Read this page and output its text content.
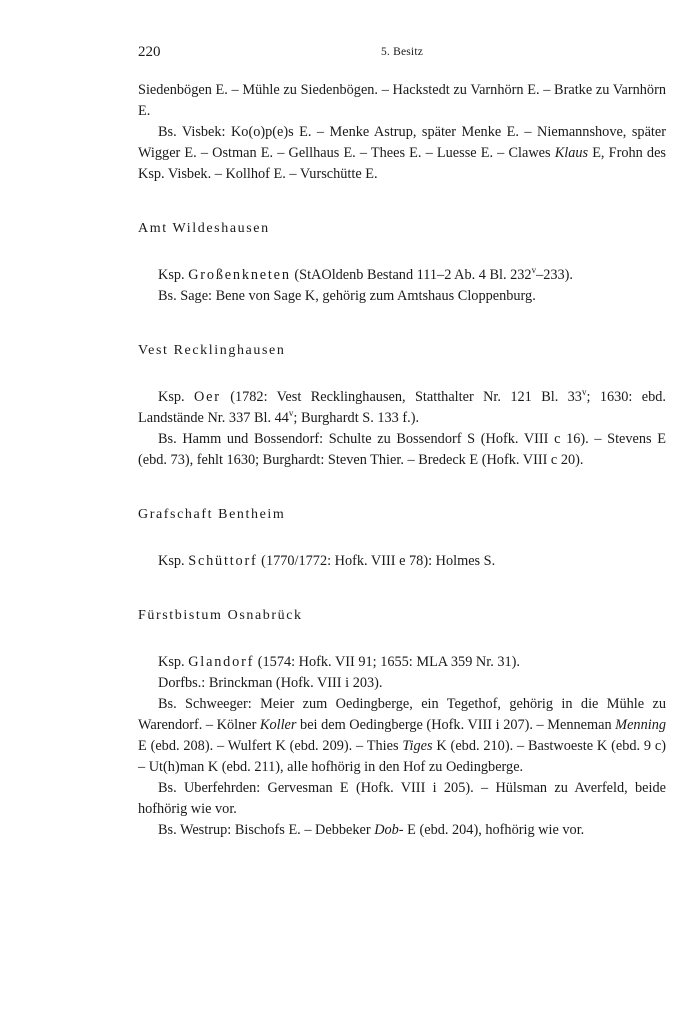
220	5. Besitz

Siedenbögen E. – Mühle zu Siedenbögen. – Hackstedt zu Varnhörn E. – Bratke zu Varnhörn E.

Bs. Visbek: Ko(o)p(e)s E. – Menke Astrup, später Menke E. – Niemannshove, später Wigger E. – Ostman E. – Gellhaus E. – Thees E. – Luesse E. – Clawes Klaus E, Frohn des Ksp. Visbek. – Kollhof E. – Vurschütte E.

Amt Wildeshausen

Ksp. Großenkneten (StAOldenb Bestand 111–2 Ab. 4 Bl. 232$^v$–233).

Bs. Sage: Bene von Sage K, gehörig zum Amtshaus Cloppenburg.

Vest Recklinghausen

Ksp. Oer (1782: Vest Recklinghausen, Statthalter Nr. 121 Bl. 33$^v$; 1630: ebd. Landstände Nr. 337 Bl. 44$^v$; Burghardt S. 133 f.).

Bs. Hamm und Bossendorf: Schulte zu Bossendorf S (Hofk. VIII c 16). – Stevens E (ebd. 73), fehlt 1630; Burghardt: Steven Thier. – Bredeck E (Hofk. VIII c 20).

Grafschaft Bentheim

Ksp. Schüttorf (1770/1772: Hofk. VIII e 78): Holmes S.

Fürstbistum Osnabrück

Ksp. Glandorf (1574: Hofk. VII 91; 1655: MLA 359 Nr. 31).

Dorfbs.: Brinckman (Hofk. VIII i 203).

Bs. Schweeger: Meier zum Oedingberge, ein Tegethof, gehörig in die Mühle zu Warendorf. – Kölner Koller bei dem Oedingberge (Hofk. VIII i 207). – Menneman Menning E (ebd. 208). – Wulfert K (ebd. 209). – Thies Tiges K (ebd. 210). – Bastwoeste K (ebd. 9 c) – Ut(h)man K (ebd. 211), alle hofhörig in den Hof zu Oedingberge.

Bs. Uberfehrden: Gervesman E (Hofk. VIII i 205). – Hülsman zu Averfeld, beide hofhörig wie vor.

Bs. Westrup: Bischofs E. – Debbeker Dob- E (ebd. 204), hofhörig wie vor.
